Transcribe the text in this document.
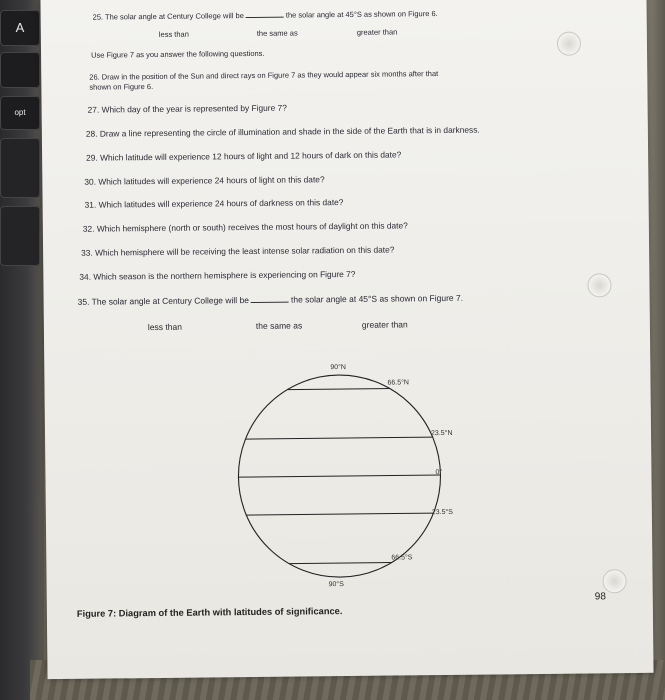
A
opt
25. The solar angle at Century College will be	the solar angle at 45°S as shown on Figure 6.
less than	the same as	greater than
Use Figure 7 as you answer the following questions.
26. Draw in the position of the Sun and direct rays on Figure 7 as they would appear six months after that
shown on Figure 6.
27. Which day of the year is represented by Figure 7?
28. Draw a line representing the circle of illumination and shade in the side of the Earth that is in darkness.
29. Which latitude will experience 12 hours of light and 12 hours of dark on this date?
30. Which latitudes will experience 24 hours of light on this date?
31. Which latitudes will experience 24 hours of darkness on this date?
32. Which hemisphere (north or south) receives the most hours of daylight on this date?
33. Which hemisphere will be receiving the least intense solar radiation on this date?
34. Which season is the northern hemisphere is experiencing on Figure 7?
35. The solar angle at Century College will be	the solar angle at 45°S as shown on Figure 7.
less than	the same as	greater than
90°N
66.5°N
23.5°N
0°
23.5°S
66.5°S
90°S
Figure 7: Diagram of the Earth with latitudes of significance.
98
